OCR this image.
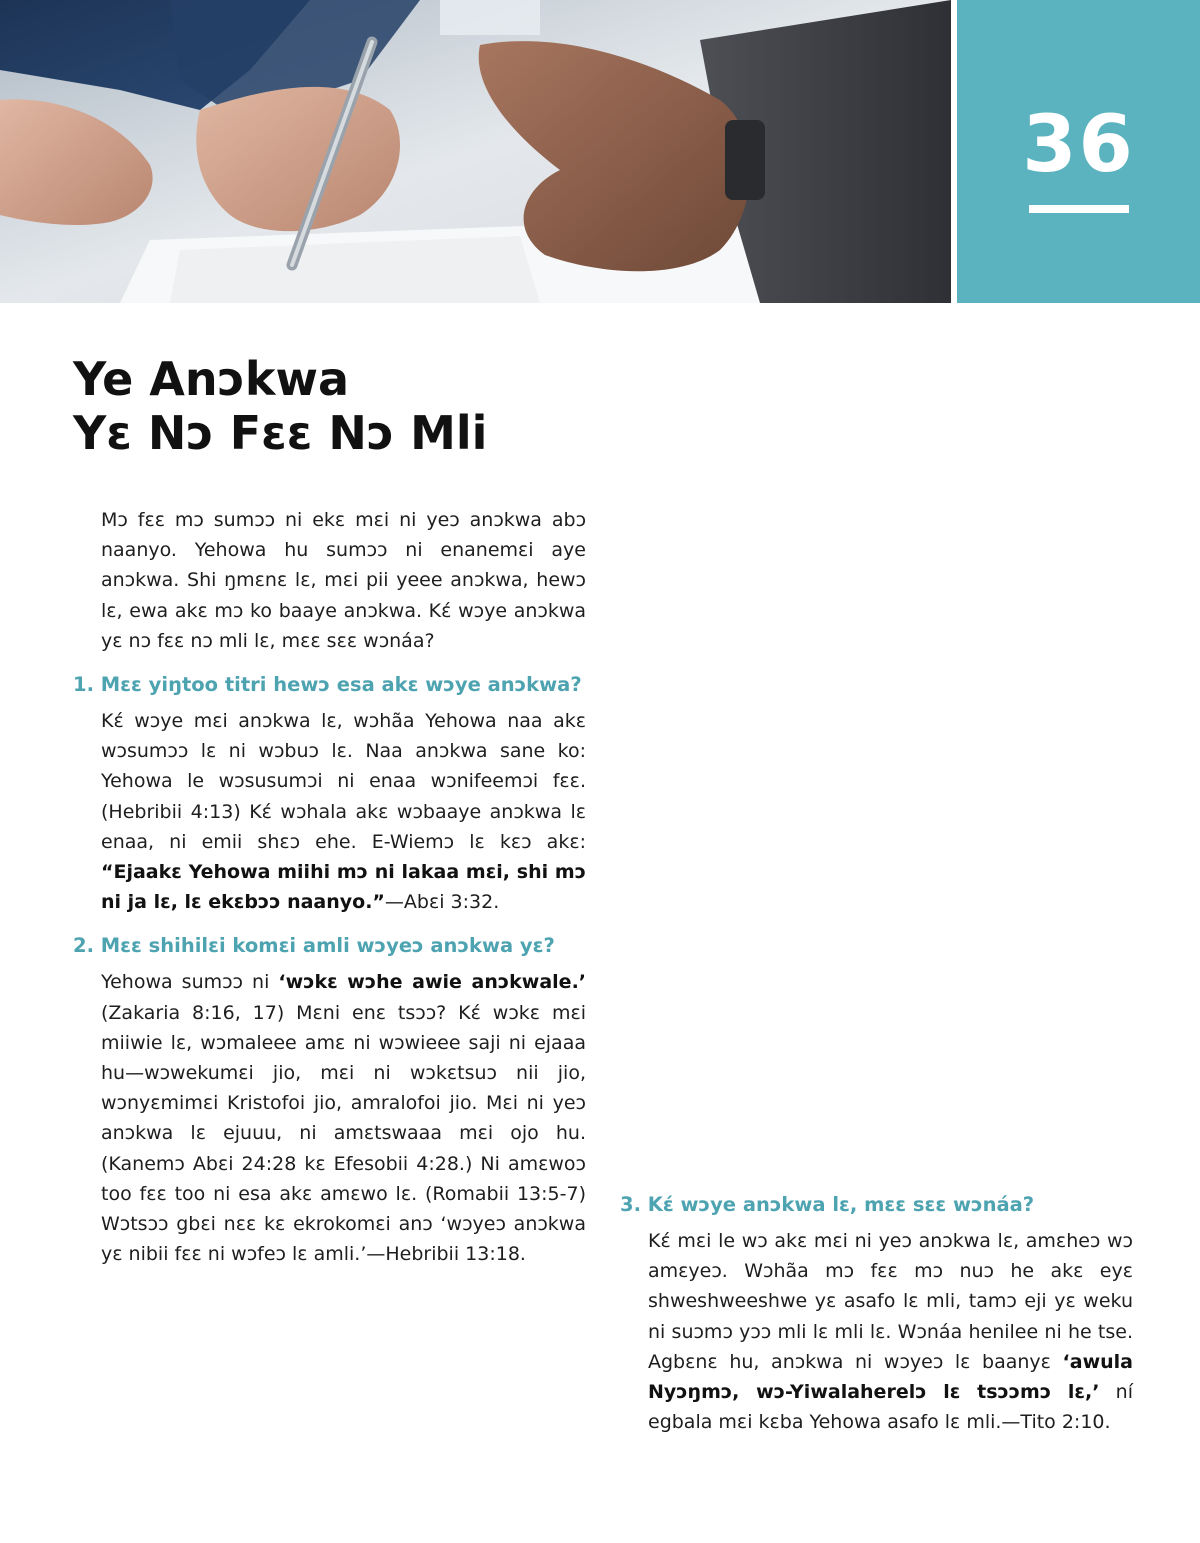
36
Ye Anɔkwa
Yɛ Nɔ Fɛɛ Nɔ Mli

Mɔ fɛɛ mɔ sumɔɔ ni ekɛ mɛi ni yeɔ anɔkwa abɔ naanyo. Yehowa hu sumɔɔ ni enanemɛi aye anɔkwa. Shi ŋmɛnɛ lɛ, mɛi pii yeee anɔkwa, hewɔ lɛ, ewa akɛ mɔ ko baaye anɔkwa. Kɛ́ wɔye anɔkwa yɛ nɔ fɛɛ nɔ mli lɛ, mɛɛ sɛɛ wɔnáa?

1. Mɛɛ yiŋtoo titri hewɔ esa akɛ wɔye anɔkwa?

Kɛ́ wɔye mɛi anɔkwa lɛ, wɔhãa Yehowa naa akɛ wɔsumɔɔ lɛ ni wɔbuɔ lɛ. Naa anɔkwa sane ko: Yehowa le wɔsusumɔi ni enaa wɔnifeemɔi fɛɛ. (Hebribii 4:13) Kɛ́ wɔhala akɛ wɔbaaye anɔkwa lɛ enaa, ni emii shɛɔ ehe. E-Wiemɔ lɛ kɛɔ akɛ: “Ejaakɛ Yehowa miihi mɔ ni lakaa mɛi, shi mɔ ni ja lɛ, lɛ ekɛbɔɔ naanyo.”—Abɛi 3:32.

2. Mɛɛ shihilɛi komɛi amli wɔyeɔ anɔkwa yɛ?

Yehowa sumɔɔ ni ‘wɔkɛ wɔhe awie anɔkwale.’ (Zakaria 8:16, 17) Mɛni enɛ tsɔɔ? Kɛ́ wɔkɛ mɛi miiwie lɛ, wɔmaleee amɛ ni wɔwieee saji ni ejaaa hu—wɔwekumɛi jio, mɛi ni wɔkɛtsuɔ nii jio, wɔnyɛmimɛi Kristofoi jio, amralofoi jio. Mɛi ni yeɔ anɔkwa lɛ ejuuu, ni amɛtswaaa mɛi ojo hu. (Kanemɔ Abɛi 24:28 kɛ Efesobii 4:28.) Ni amɛwoɔ too fɛɛ too ni esa akɛ amɛwo lɛ. (Romabii 13:5-7) Wɔtsɔɔ gbɛi nɛɛ kɛ ekrokomɛi anɔ ‘wɔyeɔ anɔkwa yɛ nibii fɛɛ ni wɔfeɔ lɛ amli.’—Hebribii 13:18.

3. Kɛ́ wɔye anɔkwa lɛ, mɛɛ sɛɛ wɔnáa?

Kɛ́ mɛi le wɔ akɛ mɛi ni yeɔ anɔkwa lɛ, amɛheɔ wɔ amɛyeɔ. Wɔhãa mɔ fɛɛ mɔ nuɔ he akɛ eyɛ shweshweeshwe yɛ asafo lɛ mli, tamɔ eji yɛ weku ni suɔmɔ yɔɔ mli lɛ mli lɛ. Wɔnáa henilee ni he tse. Agbɛnɛ hu, anɔkwa ni wɔyeɔ lɛ baanyɛ ‘awula Nyɔŋmɔ, wɔ-Yiwalaherelɔ lɛ tsɔɔmɔ lɛ,’ ní egbala mɛi kɛba Yehowa asafo lɛ mli.—Tito 2:10.
